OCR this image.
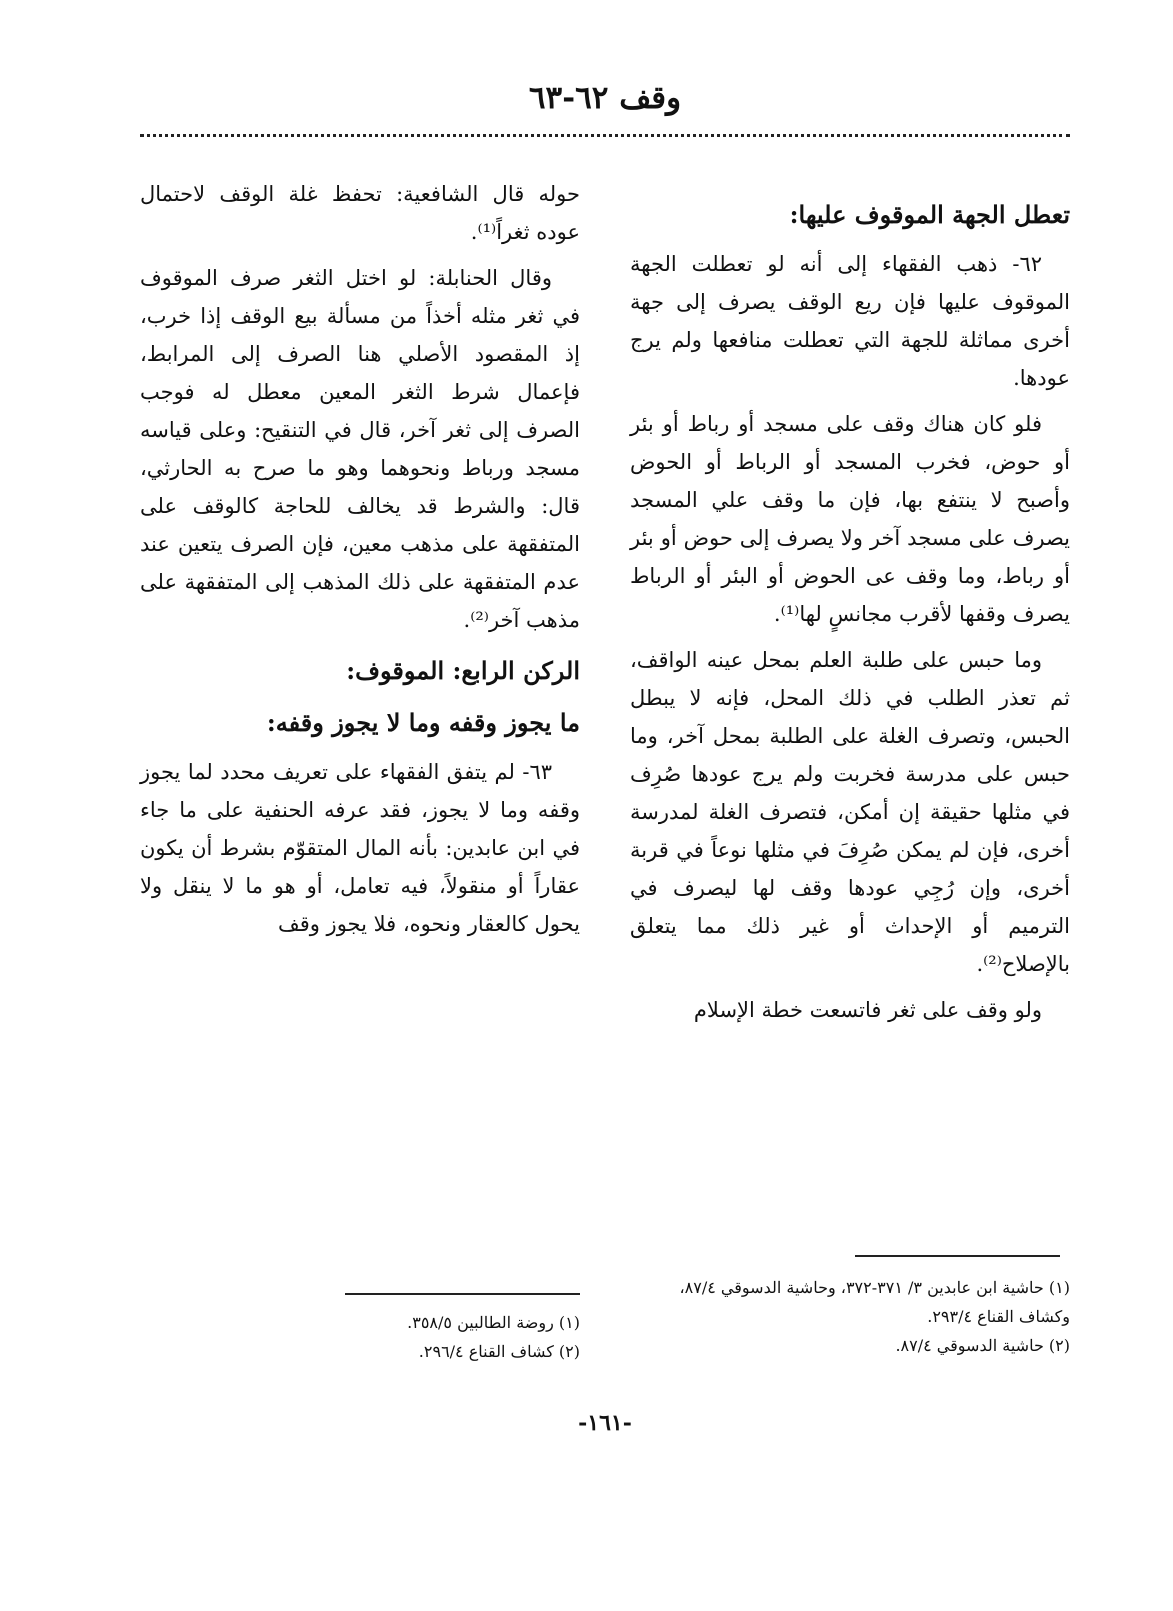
وقف ٦٢-٦٣
تعطل الجهة الموقوف عليها:

٦٢- ذهب الفقهاء إلى أنه لو تعطلت الجهة الموقوف عليها فإن ريع الوقف يصرف إلى جهة أخرى مماثلة للجهة التي تعطلت منافعها ولم يرج عودها.

فلو كان هناك وقف على مسجد أو رباط أو بئر أو حوض، فخرب المسجد أو الرباط أو الحوض وأصبح لا ينتفع بها، فإن ما وقف علي المسجد يصرف على مسجد آخر ولا يصرف إلى حوض أو بئر أو رباط، وما وقف عى الحوض أو البئر أو الرباط يصرف وقفها لأقرب مجانسٍ لها⁽¹⁾.

وما حبس على طلبة العلم بمحل عينه الواقف، ثم تعذر الطلب في ذلك المحل، فإنه لا يبطل الحبس، وتصرف الغلة على الطلبة بمحل آخر، وما حبس على مدرسة فخربت ولم يرج عودها صُرِف في مثلها حقيقة إن أمكن، فتصرف الغلة لمدرسة أخرى، فإن لم يمكن صُرِفَ في مثلها نوعاً في قربة أخرى، وإن رُجِي عودها وقف لها ليصرف في الترميم أو الإحداث أو غير ذلك مما يتعلق بالإصلاح⁽²⁾.

ولو وقف على ثغر فاتسعت خطة الإسلام

حوله قال الشافعية: تحفظ غلة الوقف لاحتمال عوده ثغراً⁽¹⁾.

وقال الحنابلة: لو اختل الثغر صرف الموقوف في ثغر مثله أخذاً من مسألة بيع الوقف إذا خرب، إذ المقصود الأصلي هنا الصرف إلى المرابط، فإعمال شرط الثغر المعين معطل له فوجب الصرف إلى ثغر آخر، قال في التنقيح: وعلى قياسه مسجد ورباط ونحوهما وهو ما صرح به الحارثي، قال: والشرط قد يخالف للحاجة كالوقف على المتفقهة على مذهب معين، فإن الصرف يتعين عند عدم المتفقهة على ذلك المذهب إلى المتفقهة على مذهب آخر⁽²⁾.

الركن الرابع: الموقوف:
ما يجوز وقفه وما لا يجوز وقفه:

٦٣- لم يتفق الفقهاء على تعريف محدد لما يجوز وقفه وما لا يجوز، فقد عرفه الحنفية على ما جاء في ابن عابدين: بأنه المال المتقوّم بشرط أن يكون عقاراً أو منقولاً، فيه تعامل، أو هو ما لا ينقل ولا يحول كالعقار ونحوه، فلا يجوز وقف

(١) حاشية ابن عابدين ٣/ ٣٧١-٣٧٢، وحاشية الدسوقي ٨٧/٤، وكشاف القناع ٢٩٣/٤.
(٢) حاشية الدسوقي ٨٧/٤.
(١) روضة الطالبين ٣٥٨/٥.
(٢) كشاف القناع ٢٩٦/٤.
-١٦١-
